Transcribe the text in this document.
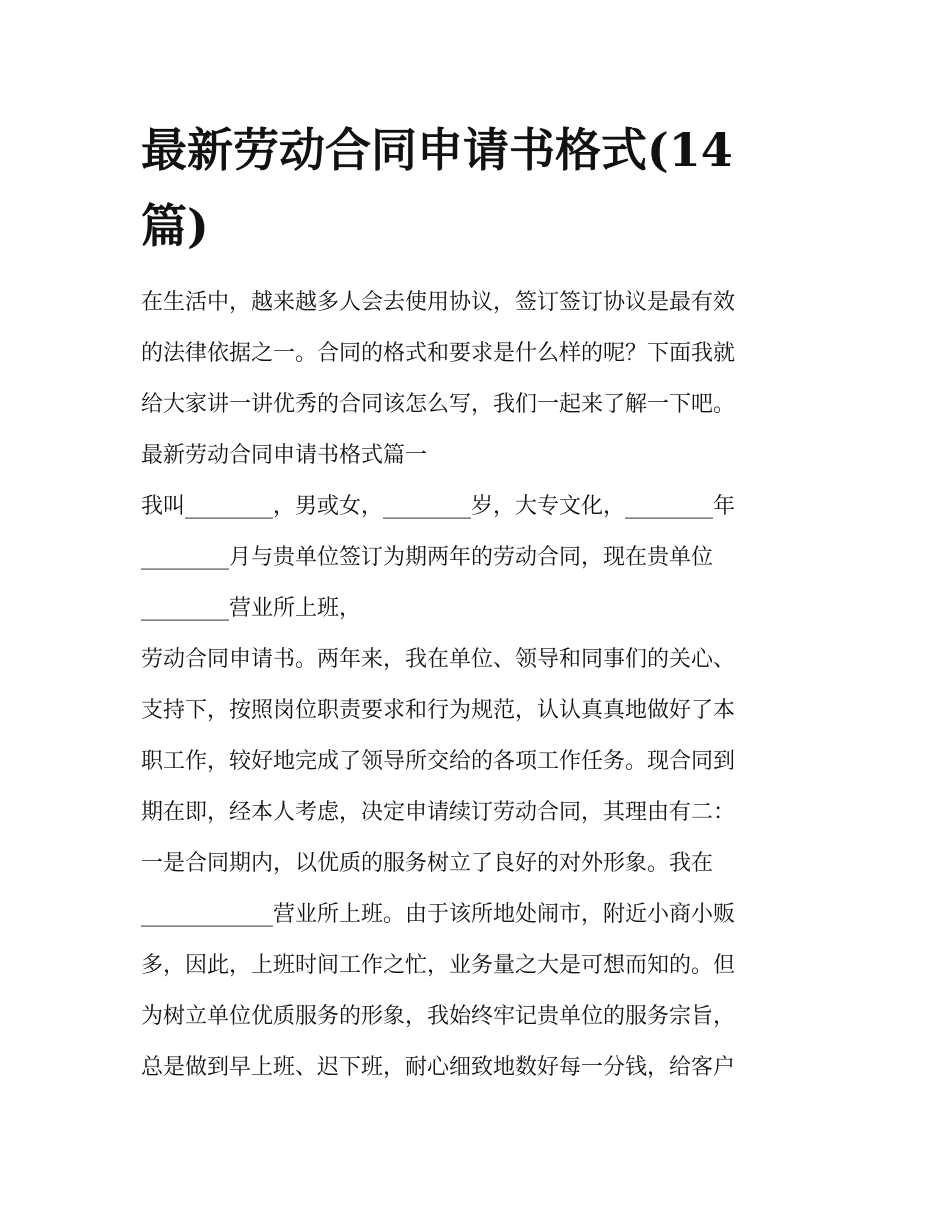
最新劳动合同申请书格式(14
篇)
在生活中，越来越多人会去使用协议，签订签订协议是最有效
的法律依据之一。合同的格式和要求是什么样的呢？下面我就
给大家讲一讲优秀的合同该怎么写，我们一起来了解一下吧。
最新劳动合同申请书格式篇一
我叫________，男或女，________岁，大专文化，________年
________月与贵单位签订为期两年的劳动合同，现在贵单位
________营业所上班，
劳动合同申请书。两年来，我在单位、领导和同事们的关心、
支持下，按照岗位职责要求和行为规范，认认真真地做好了本
职工作，较好地完成了领导所交给的各项工作任务。现合同到
期在即，经本人考虑，决定申请续订劳动合同，其理由有二：
一是合同期内，以优质的服务树立了良好的对外形象。我在
____________营业所上班。由于该所地处闹市，附近小商小贩
多，因此，上班时间工作之忙，业务量之大是可想而知的。但
为树立单位优质服务的形象，我始终牢记贵单位的服务宗旨，
总是做到早上班、迟下班，耐心细致地数好每一分钱，给客户
